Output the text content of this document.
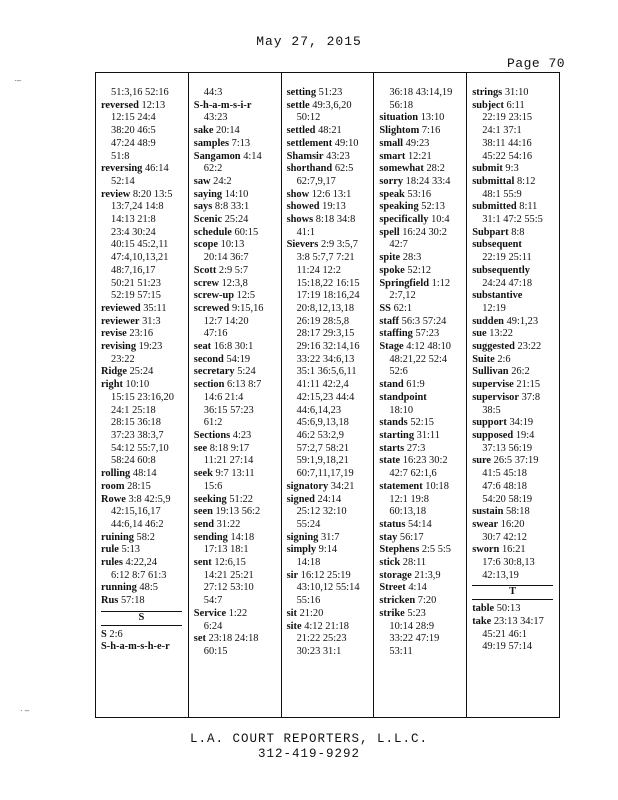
May 27, 2015
Page 70
51:3,16 52:16
reversed 12:13
12:15 24:4
38:20 46:5
47:24 48:9
51:8
reversing 46:14
52:14
review 8:20 13:5
13:7,24 14:8
14:13 21:8
23:4 30:24
40:15 45:2,11
47:4,10,13,21
48:7,16,17
50:21 51:23
52:19 57:15
reviewed 35:11
reviewer 31:3
revise 23:16
revising 19:23
23:22
Ridge 25:24
right 10:10
15:15 23:16,20
24:1 25:18
28:15 36:18
37:23 38:3,7
54:12 55:7,10
58:24 60:8
rolling 48:14
room 28:15
Rowe 3:8 42:5,9
42:15,16,17
44:6,14 46:2
ruining 58:2
rule 5:13
rules 4:22,24
6:12 8:7 61:3
running 48:5
Rus 57:18
S
S 2:6
S-h-a-m-s-h-e-r
44:3
S-h-a-m-s-i-r
43:23
sake 20:14
samples 7:13
Sangamon 4:14
62:2
saw 24:2
saying 14:10
says 8:8 33:1
Scenic 25:24
schedule 60:15
scope 10:13
20:14 36:7
Scott 2:9 5:7
screw 12:3,8
screw-up 12:5
screwed 9:15,16
12:7 14:20
47:16
seat 16:8 30:1
second 54:19
secretary 5:24
section 6:13 8:7
14:6 21:4
36:15 57:23
61:2
Sections 4:23
see 8:18 9:17
11:21 27:14
seek 9:7 13:11
15:6
seeking 51:22
seen 19:13 56:2
send 31:22
sending 14:18
17:13 18:1
sent 12:6,15
14:21 25:21
27:12 53:10
54:7
Service 1:22
6:24
set 23:18 24:18
60:15
setting 51:23
settle 49:3,6,20
50:12
settled 48:21
settlement 49:10
Shamsir 43:23
shorthand 62:5
62:7,9,17
show 12:6 13:1
showed 19:13
shows 8:18 34:8
41:1
Sievers 2:9 3:5,7
3:8 5:7,7 7:21
11:24 12:2
15:18,22 16:15
17:19 18:16,24
20:8,12,13,18
26:19 28:5,8
28:17 29:3,15
29:16 32:14,16
33:22 34:6,13
35:1 36:5,6,11
41:11 42:2,4
42:15,23 44:4
44:6,14,23
45:6,9,13,18
46:2 53:2,9
57:2,7 58:21
59:1,9,18,21
60:7,11,17,19
signatory 34:21
signed 24:14
25:12 32:10
55:24
signing 31:7
simply 9:14
14:18
sir 16:12 25:19
43:10,12 55:14
55:16
sit 21:20
site 4:12 21:18
21:22 25:23
30:23 31:1
36:18 43:14,19
56:18
situation 13:10
Slightom 7:16
small 49:23
smart 12:21
somewhat 28:2
sorry 18:24 33:4
speak 53:16
speaking 52:13
specifically 10:4
spell 16:24 30:2
42:7
spite 28:3
spoke 52:12
Springfield 1:12
2:7,12
SS 62:1
staff 56:3 57:24
staffing 57:23
Stage 4:12 48:10
48:21,22 52:4
52:6
stand 61:9
standpoint
18:10
stands 52:15
starting 31:11
starts 27:3
state 16:23 30:2
42:7 62:1,6
statement 10:18
12:1 19:8
60:13,18
status 54:14
stay 56:17
Stephens 2:5 5:5
stick 28:11
storage 21:3,9
Street 4:14
stricken 7:20
strike 5:23
10:14 28:9
33:22 47:19
53:11
strings 31:10
subject 6:11
22:19 23:15
24:1 37:1
38:11 44:16
45:22 54:16
submit 9:3
submittal 8:12
48:1 55:9
submitted 8:11
31:1 47:2 55:5
Subpart 8:8
subsequent
22:19 25:11
subsequently
24:24 47:18
substantive
12:19
sudden 49:1,23
sue 13:22
suggested 23:22
Suite 2:6
Sullivan 26:2
supervise 21:15
supervisor 37:8
38:5
support 34:19
supposed 19:4
37:13 56:19
sure 26:5 37:19
41:5 45:18
47:6 48:18
54:20 58:19
sustain 58:18
swear 16:20
30:7 42:12
sworn 16:21
17:6 30:8,13
42:13,19
T
table 50:13
take 23:13 34:17
45:21 46:1
49:19 57:14
L.A. COURT REPORTERS, L.L.C.
312-419-9292
·–
· –
